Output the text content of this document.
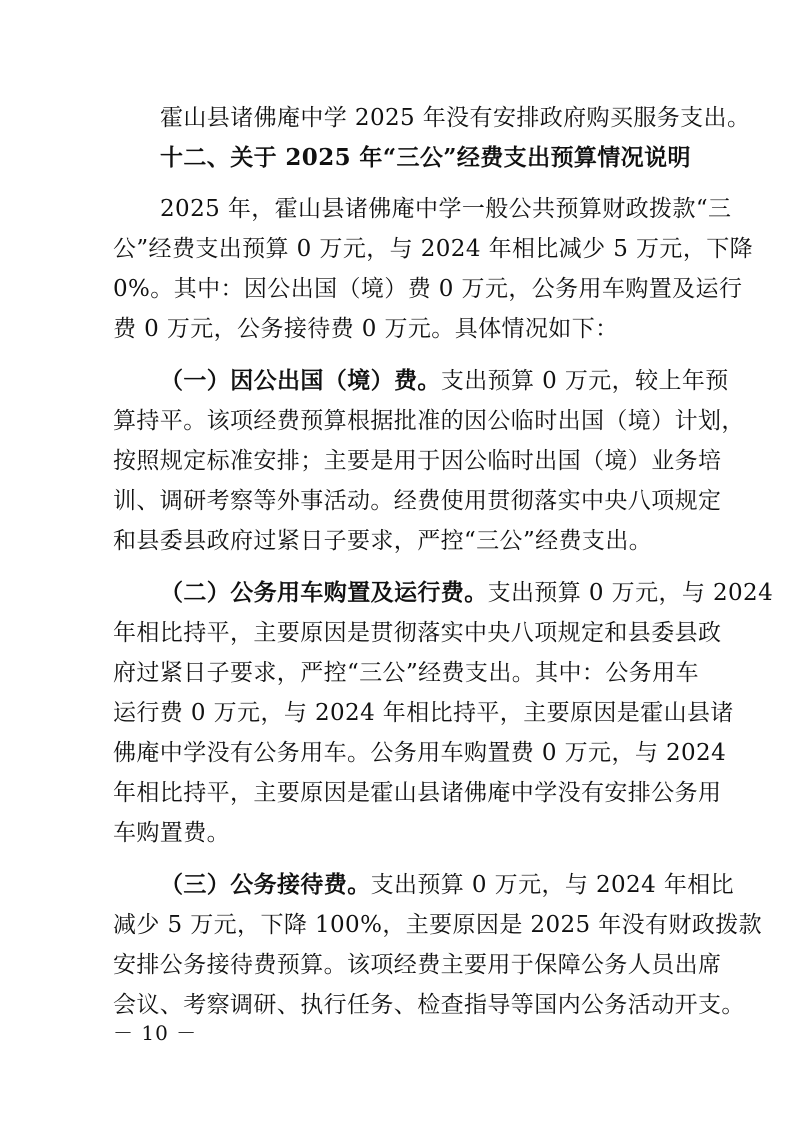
霍山县诸佛庵中学 2025 年没有安排政府购买服务支出。
十二、关于 2025 年“三公”经费支出预算情况说明
2025 年，霍山县诸佛庵中学一般公共预算财政拨款“三
公”经费支出预算 0 万元，与 2024 年相比减少 5 万元，下降
0%。其中：因公出国（境）费 0 万元，公务用车购置及运行
费 0 万元，公务接待费 0 万元。具体情况如下：
（一）因公出国（境）费。支出预算 0 万元，较上年预
算持平。该项经费预算根据批准的因公临时出国（境）计划，
按照规定标准安排；主要是用于因公临时出国（境）业务培
训、调研考察等外事活动。经费使用贯彻落实中央八项规定
和县委县政府过紧日子要求，严控“三公”经费支出。
（二）公务用车购置及运行费。支出预算 0 万元，与 2024
年相比持平，主要原因是贯彻落实中央八项规定和县委县政
府过紧日子要求，严控“三公”经费支出。其中：公务用车
运行费 0 万元，与 2024 年相比持平，主要原因是霍山县诸
佛庵中学没有公务用车。公务用车购置费 0 万元，与 2024
年相比持平，主要原因是霍山县诸佛庵中学没有安排公务用
车购置费。
（三）公务接待费。支出预算 0 万元，与 2024 年相比
减少 5 万元，下降 100%，主要原因是 2025 年没有财政拨款
安排公务接待费预算。该项经费主要用于保障公务人员出席
会议、考察调研、执行任务、检查指导等国内公务活动开支。
－ 10 －
